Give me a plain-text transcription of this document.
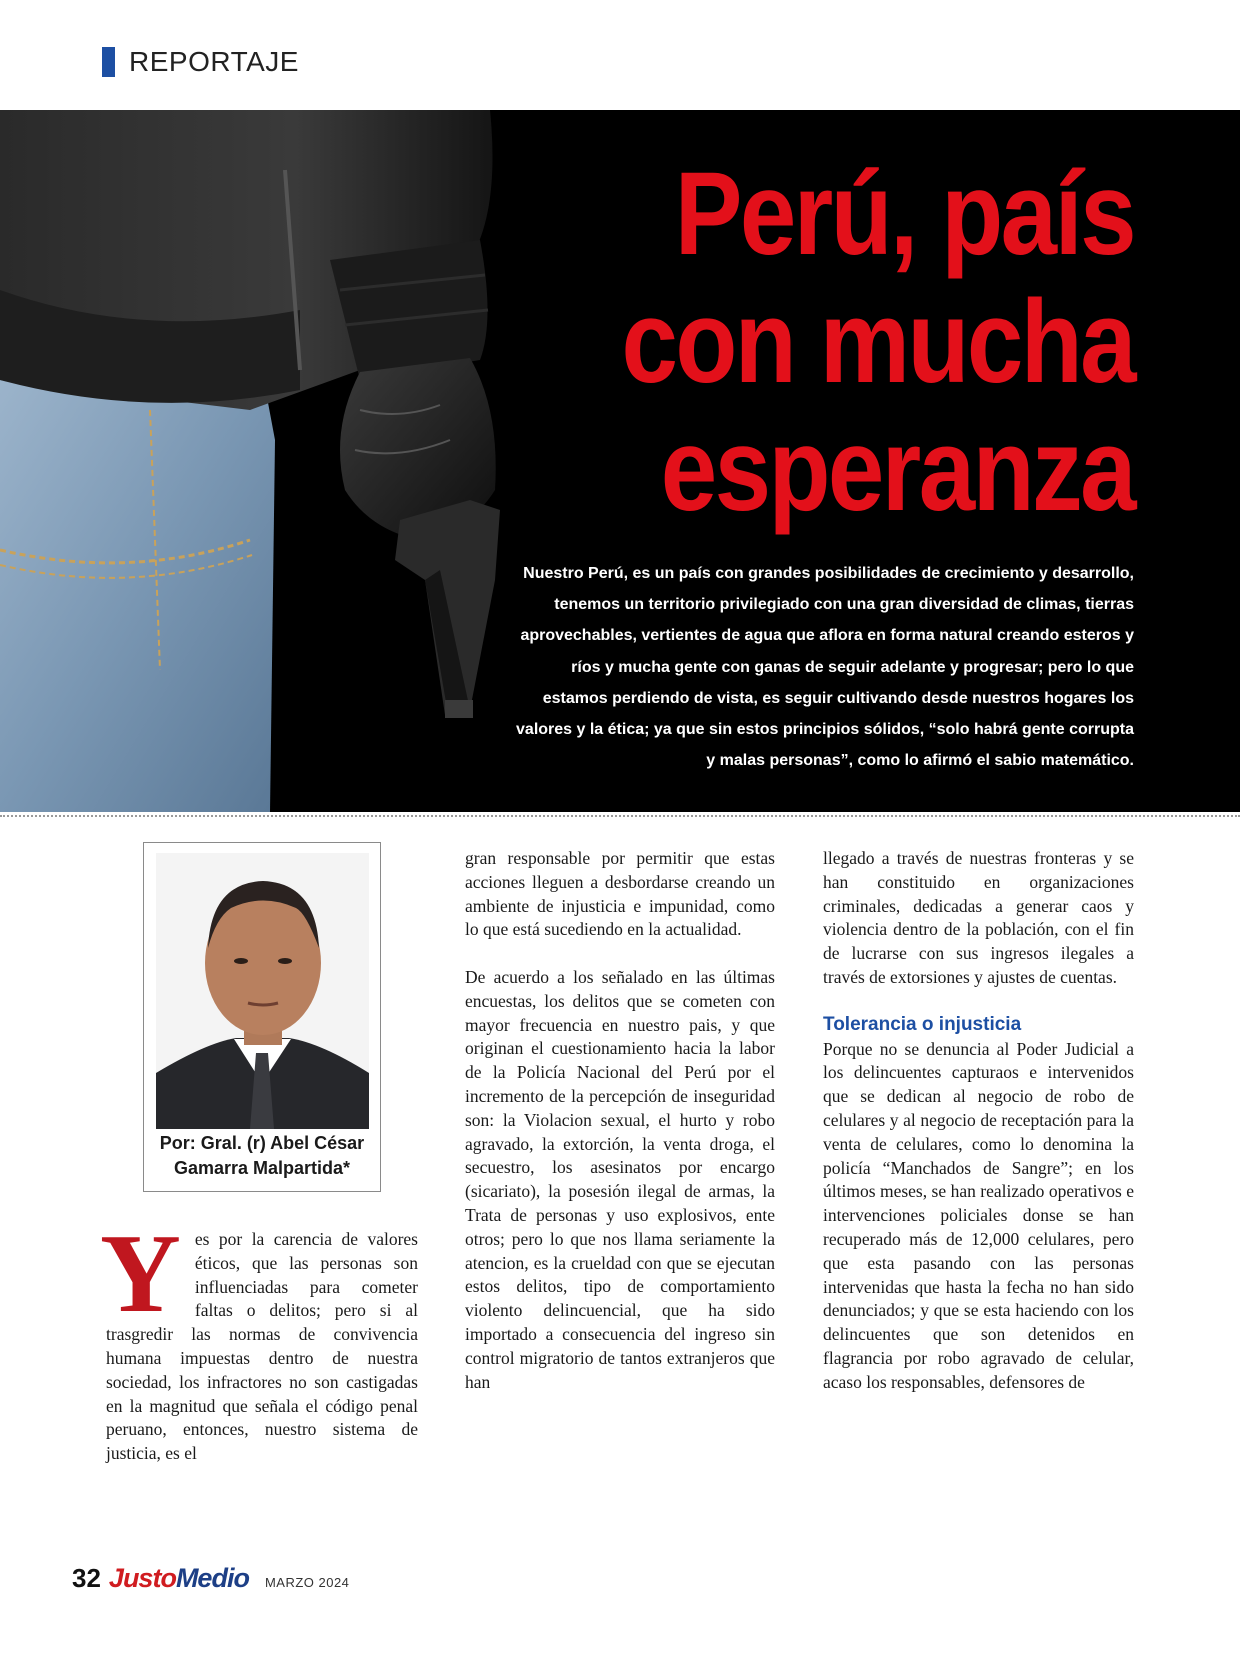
REPORTAJE
Perú, país
con mucha
esperanza
Nuestro Perú, es un país con grandes posibilidades de crecimiento y desarrollo, tenemos un territorio privilegiado con una gran diversidad de climas, tierras aprovechables, vertientes de agua que aflora en forma natural creando esteros y ríos y mucha gente con ganas de seguir adelante y progresar; pero lo que estamos perdiendo de vista, es seguir cultivando desde nuestros hogares los valores y la ética; ya que sin estos principios sólidos, “solo habrá gente corrupta y malas personas”, como lo afirmó el sabio matemático.
Por: Gral. (r) Abel César
Gamarra Malpartida*
Y es por la carencia de valores éticos, que las personas son influenciadas para cometer faltas o delitos; pero si al trasgredir las normas de convivencia humana impuestas dentro de nuestra sociedad, los infractores no son castigadas en la magnitud que señala el código penal peruano, entonces, nuestro sistema de justicia, es el

gran responsable por permitir que estas acciones lleguen a desbordarse creando un ambiente de injusticia e impunidad, como lo que está sucediendo en la actualidad.

De acuerdo a los señalado en las últimas encuestas, los delitos que se cometen con mayor frecuencia en nuestro pais, y que originan el cuestionamiento hacia la labor de la Policía Nacional del Perú por el incremento de la percepción de inseguridad son: la Violacion sexual, el hurto y robo agravado, la extorción, la venta droga, el secuestro, los asesinatos por encargo (sicariato), la posesión ilegal de armas, la Trata de personas y uso explosivos, ente otros; pero lo que nos llama seriamente la atencion, es la crueldad con que se ejecutan estos delitos, tipo de comportamiento violento delincuencial, que ha sido importado a consecuencia del ingreso sin control migratorio de tantos extranjeros que han

llegado a través de nuestras fronteras y se han constituido en organizaciones criminales, dedicadas a generar caos y violencia dentro de la población, con el fin de lucrarse con sus ingresos ilegales a través de extorsiones y ajustes de cuentas.

Tolerancia o injusticia

Porque no se denuncia al Poder Judicial a los delincuentes capturaos e intervenidos que se dedican al negocio de robo de celulares y al negocio de receptación para la venta de celulares, como lo denomina la policía “Manchados de Sangre”; en los últimos meses, se han realizado operativos e intervenciones policiales donse se han recuperado más de 12,000 celulares, pero que esta pasando con las personas intervenidas que hasta la fecha no han sido denunciados; y que se esta haciendo con los delincuentes que son detenidos en flagrancia por robo agravado de celular, acaso los responsables, defensores de

32 Justo Medio MARZO 2024
